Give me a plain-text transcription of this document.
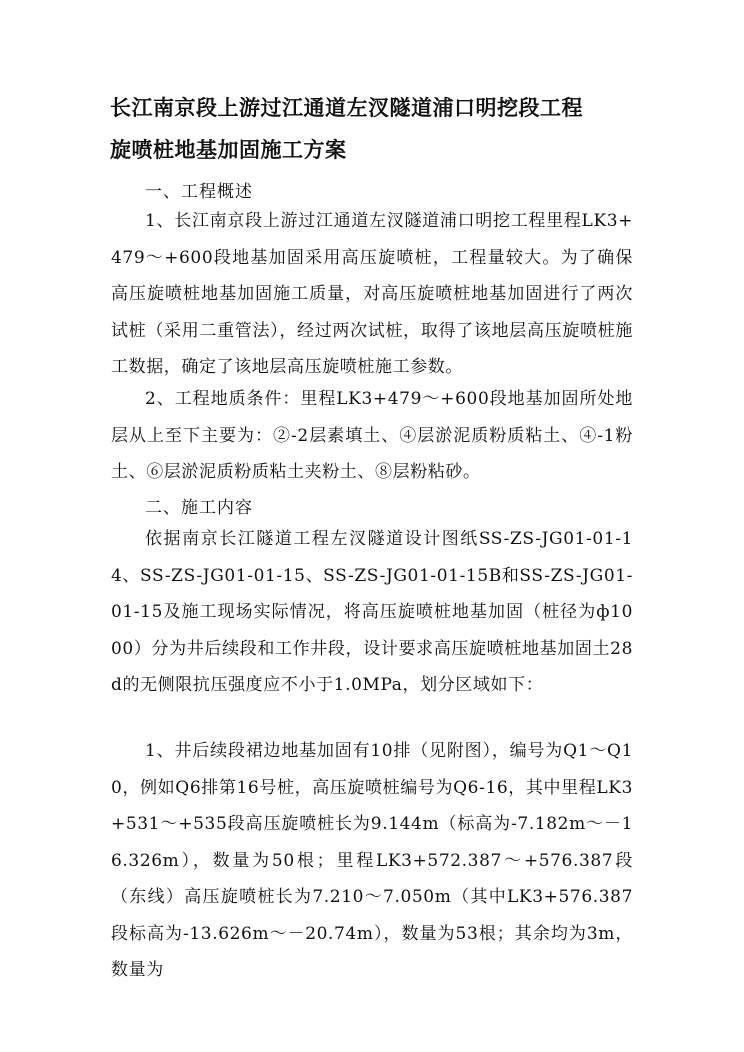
长江南京段上游过江通道左汊隧道浦口明挖段工程
旋喷桩地基加固施工方案
一、工程概述

1、长江南京段上游过江通道左汊隧道浦口明挖工程里程LK3+479～+600段地基加固采用高压旋喷桩，工程量较大。为了确保高压旋喷桩地基加固施工质量，对高压旋喷桩地基加固进行了两次试桩（采用二重管法），经过两次试桩，取得了该地层高压旋喷桩施工数据，确定了该地层高压旋喷桩施工参数。

2、工程地质条件：里程LK3+479～+600段地基加固所处地层从上至下主要为：②-2层素填土、④层淤泥质粉质粘土、④-1粉土、⑥层淤泥质粉质粘土夹粉土、⑧层粉粘砂。

二、施工内容

依据南京长江隧道工程左汊隧道设计图纸SS-ZS-JG01-01-14、SS-ZS-JG01-01-15、SS-ZS-JG01-01-15B和SS-ZS-JG01-01-15及施工现场实际情况，将高压旋喷桩地基加固（桩径为ф1000）分为井后续段和工作井段，设计要求高压旋喷桩地基加固土28d的无侧限抗压强度应不小于1.0MPa，划分区域如下：

1、井后续段裙边地基加固有10排（见附图），编号为Q1～Q10，例如Q6排第16号桩，高压旋喷桩编号为Q6-16，其中里程LK3+531～+535段高压旋喷桩长为9.144m（标高为-7.182m～－16.326m），数量为50根；里程LK3+572.387～+576.387段（东线）高压旋喷桩长为7.210～7.050m（其中LK3+576.387段标高为-13.626m～－20.74m），数量为53根；其余均为3m，数量为
